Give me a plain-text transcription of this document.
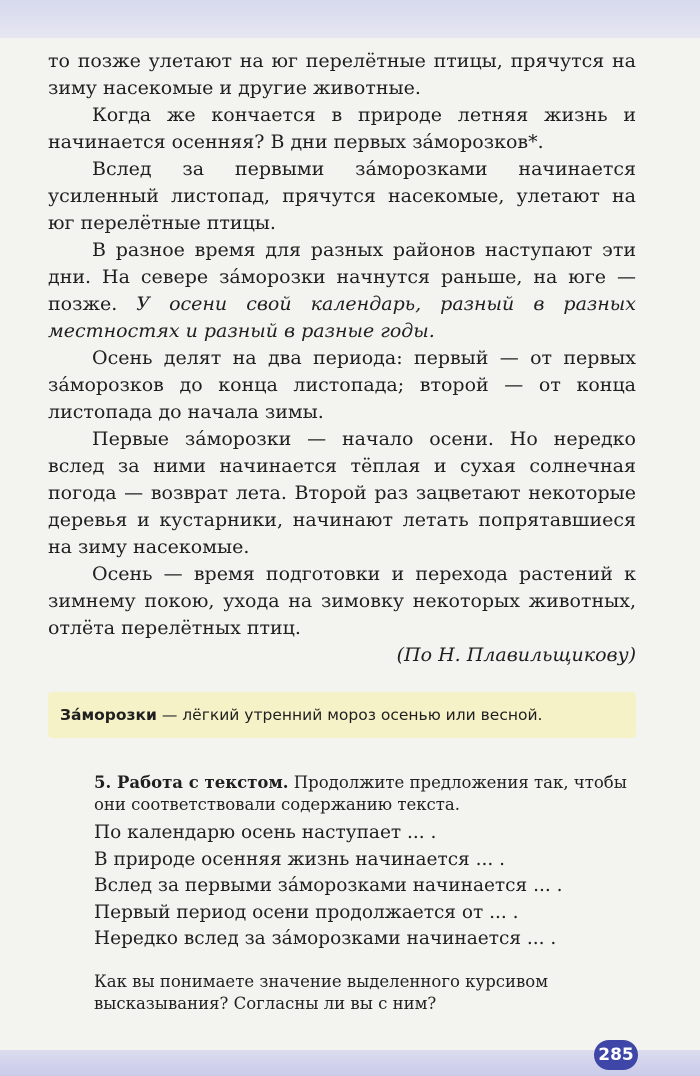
то позже улетают на юг перелётные птицы, прячутся на зиму насекомые и другие животные.

Когда же кончается в природе летняя жизнь и начинается осенняя? В дни первых за́морозков*.

Вслед за первыми за́морозками начинается усиленный листопад, прячутся насекомые, улетают на юг перелётные птицы.

В разное время для разных районов наступают эти дни. На севере за́морозки начнутся раньше, на юге — позже. У осени свой календарь, разный в разных местностях и разный в разные годы.

Осень делят на два периода: первый — от первых за́морозков до конца листопада; второй — от конца листопада до начала зимы.

Первые за́морозки — начало осени. Но нередко вслед за ними начинается тёплая и сухая солнечная погода — возврат лета. Второй раз зацветают некоторые деревья и кустарники, начинают летать попрятавшиеся на зиму насекомые.

Осень — время подготовки и перехода растений к зимнему покою, ухода на зимовку некоторых животных, отлёта перелётных птиц.

(По Н. Плавильщикову)

За́морозки — лёгкий утренний мороз осенью или весной.

5. Работа с текстом. Продолжите предложения так, чтобы они соответствовали содержанию текста.

По календарю осень наступает ... .

В природе осенняя жизнь начинается ... .

Вслед за первыми за́морозками начинается ... .

Первый период осени продолжается от ... .

Нередко вслед за за́морозками начинается ... .

Как вы понимаете значение выделенного курсивом высказывания? Согласны ли вы с ним?

285
